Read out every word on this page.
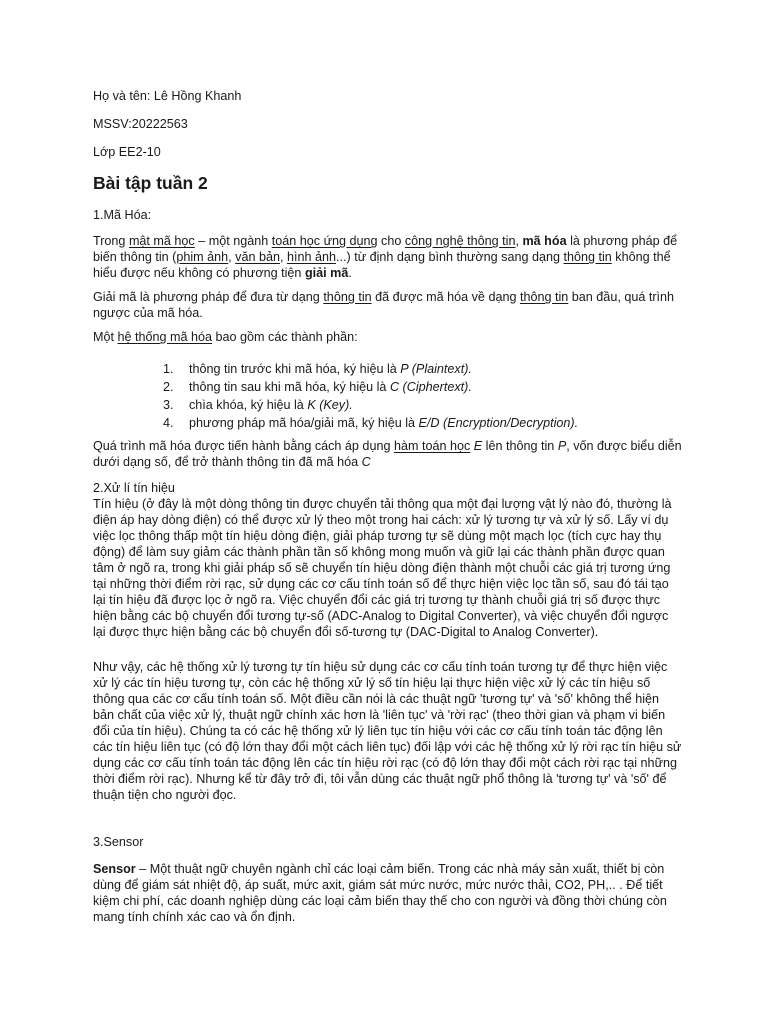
Họ và tên: Lê Hồng Khanh

MSSV:20222563

Lớp EE2-10

Bài tập tuần 2

1.Mã Hóa:

Trong mật mã học – một ngành toán học ứng dụng cho công nghệ thông tin, mã hóa là phương pháp để biến thông tin (phim ảnh, văn bản, hình ảnh...) từ định dạng bình thường sang dạng thông tin không thể hiểu được nếu không có phương tiện giải mã.

Giải mã là phương pháp để đưa từ dạng thông tin đã được mã hóa về dạng thông tin ban đầu, quá trình ngược của mã hóa.

Một hệ thống mã hóa bao gồm các thành phần:

1. thông tin trước khi mã hóa, ký hiệu là P (Plaintext).
2. thông tin sau khi mã hóa, ký hiệu là C (Ciphertext).
3. chìa khóa, ký hiệu là K (Key).
4. phương pháp mã hóa/giải mã, ký hiệu là E/D (Encryption/Decryption).

Quá trình mã hóa được tiến hành bằng cách áp dụng hàm toán học E lên thông tin P, vốn được biểu diễn dưới dạng số, để trở thành thông tin đã mã hóa C

2.Xử lí tín hiệu

Tín hiệu (ở đây là một dòng thông tin được chuyển tải thông qua một đại lượng vật lý nào đó, thường là điện áp hay dòng điện) có thể được xử lý theo một trong hai cách: xử lý tương tự và xử lý số. Lấy ví dụ việc lọc thông thấp một tín hiệu dòng điện, giải pháp tương tự sẽ dùng một mạch lọc (tích cực hay thụ động) để làm suy giảm các thành phần tần số không mong muốn và giữ lại các thành phần được quan tâm ở ngõ ra, trong khi giải pháp số sẽ chuyển tín hiệu dòng điện thành một chuỗi các giá trị tương ứng tại những thời điểm rời rạc, sử dụng các cơ cấu tính toán số để thực hiện việc lọc tần số, sau đó tái tạo lại tín hiệu đã được lọc ở ngõ ra. Việc chuyển đổi các giá trị tương tự thành chuỗi giá trị số được thực hiện bằng các bộ chuyển đổi tương tự-số (ADC-Analog to Digital Converter), và việc chuyển đổi ngược lại được thực hiện bằng các bộ chuyển đổi số-tương tự (DAC-Digital to Analog Converter).

Như vậy, các hệ thống xử lý tương tự tín hiệu sử dụng các cơ cấu tính toán tương tự để thực hiện việc xử lý các tín hiệu tương tự, còn các hệ thống xử lý số tín hiệu lại thực hiện việc xử lý các tín hiệu số thông qua các cơ cấu tính toán số. Một điều cần nói là các thuật ngữ 'tương tự' và 'số' không thể hiện bản chất của việc xử lý, thuật ngữ chính xác hơn là 'liên tục' và 'rời rạc' (theo thời gian và phạm vi biến đổi của tín hiệu). Chúng ta có các hệ thống xử lý liên tục tín hiệu với các cơ cấu tính toán tác động lên các tín hiệu liên tục (có độ lớn thay đổi một cách liên tục) đối lập với các hệ thống xử lý rời rạc tín hiệu sử dụng các cơ cấu tính toán tác động lên các tín hiệu rời rạc (có độ lớn thay đổi một cách rời rạc tại những thời điểm rời rạc). Nhưng kể từ đây trở đi, tôi vẫn dùng các thuật ngữ phổ thông là 'tương tự' và 'số' để thuận tiện cho người đọc.

3.Sensor

Sensor – Một thuật ngữ chuyên ngành chỉ các loại cảm biến. Trong các nhà máy sản xuất, thiết bị còn dùng để giám sát nhiệt độ, áp suất, mức axit, giám sát mức nước, mức nước thải, CO2, PH,.. . Để tiết kiệm chi phí, các doanh nghiệp dùng các loại cảm biến thay thế cho con người và đồng thời chúng còn mang tính chính xác cao và ổn định.
